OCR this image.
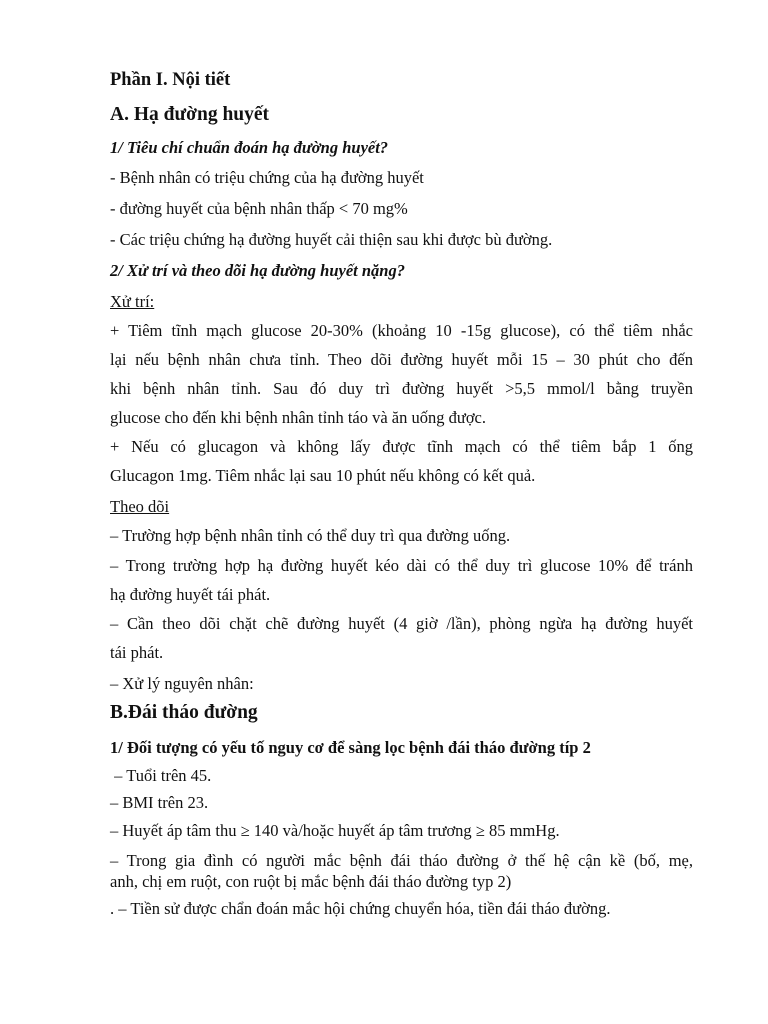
Phần I. Nội tiết
A. Hạ đường huyết
1/ Tiêu chí chuẩn đoán hạ đường huyết?
- Bệnh nhân có triệu chứng của hạ đường huyết
- đường huyết của bệnh nhân thấp < 70 mg%
- Các triệu chứng hạ đường huyết cải thiện sau khi được bù đường.
2/ Xử trí và theo dõi hạ đường huyết nặng?
Xử trí:
+ Tiêm tĩnh mạch glucose 20-30% (khoảng 10 -15g glucose), có thể tiêm nhắc
lại nếu bệnh nhân chưa tỉnh. Theo dõi đường huyết mỗi 15 – 30 phút cho đến
khi bệnh nhân tỉnh. Sau đó duy trì đường huyết >5,5 mmol/l bằng truyền
glucose cho đến khi bệnh nhân tỉnh táo và ăn uống được.
+ Nếu có glucagon và không lấy được tĩnh mạch có thể tiêm bắp 1 ống
Glucagon 1mg. Tiêm nhắc lại sau 10 phút nếu không có kết quả.
Theo dõi
– Trường hợp bệnh nhân tỉnh có thể duy trì qua đường uống.
– Trong trường hợp hạ đường huyết kéo dài có thể duy trì glucose 10% để tránh
hạ đường huyết tái phát.
– Cần theo dõi chặt chẽ đường huyết (4 giờ /lần), phòng ngừa hạ đường huyết
tái phát.
– Xử lý nguyên nhân:
B.Đái tháo đường
1/ Đối tượng có yếu tố nguy cơ để sàng lọc bệnh đái tháo đường típ 2
– Tuổi trên 45.
– BMI trên 23.
– Huyết áp tâm thu ≥ 140 và/hoặc huyết áp tâm trương ≥ 85 mmHg.
– Trong gia đình có người mắc bệnh đái tháo đường ở thế hệ cận kề (bố, mẹ,
anh, chị em ruột, con ruột bị mắc bệnh đái tháo đường typ 2)
. – Tiền sử được chẩn đoán mắc hội chứng chuyển hóa, tiền đái tháo đường.
